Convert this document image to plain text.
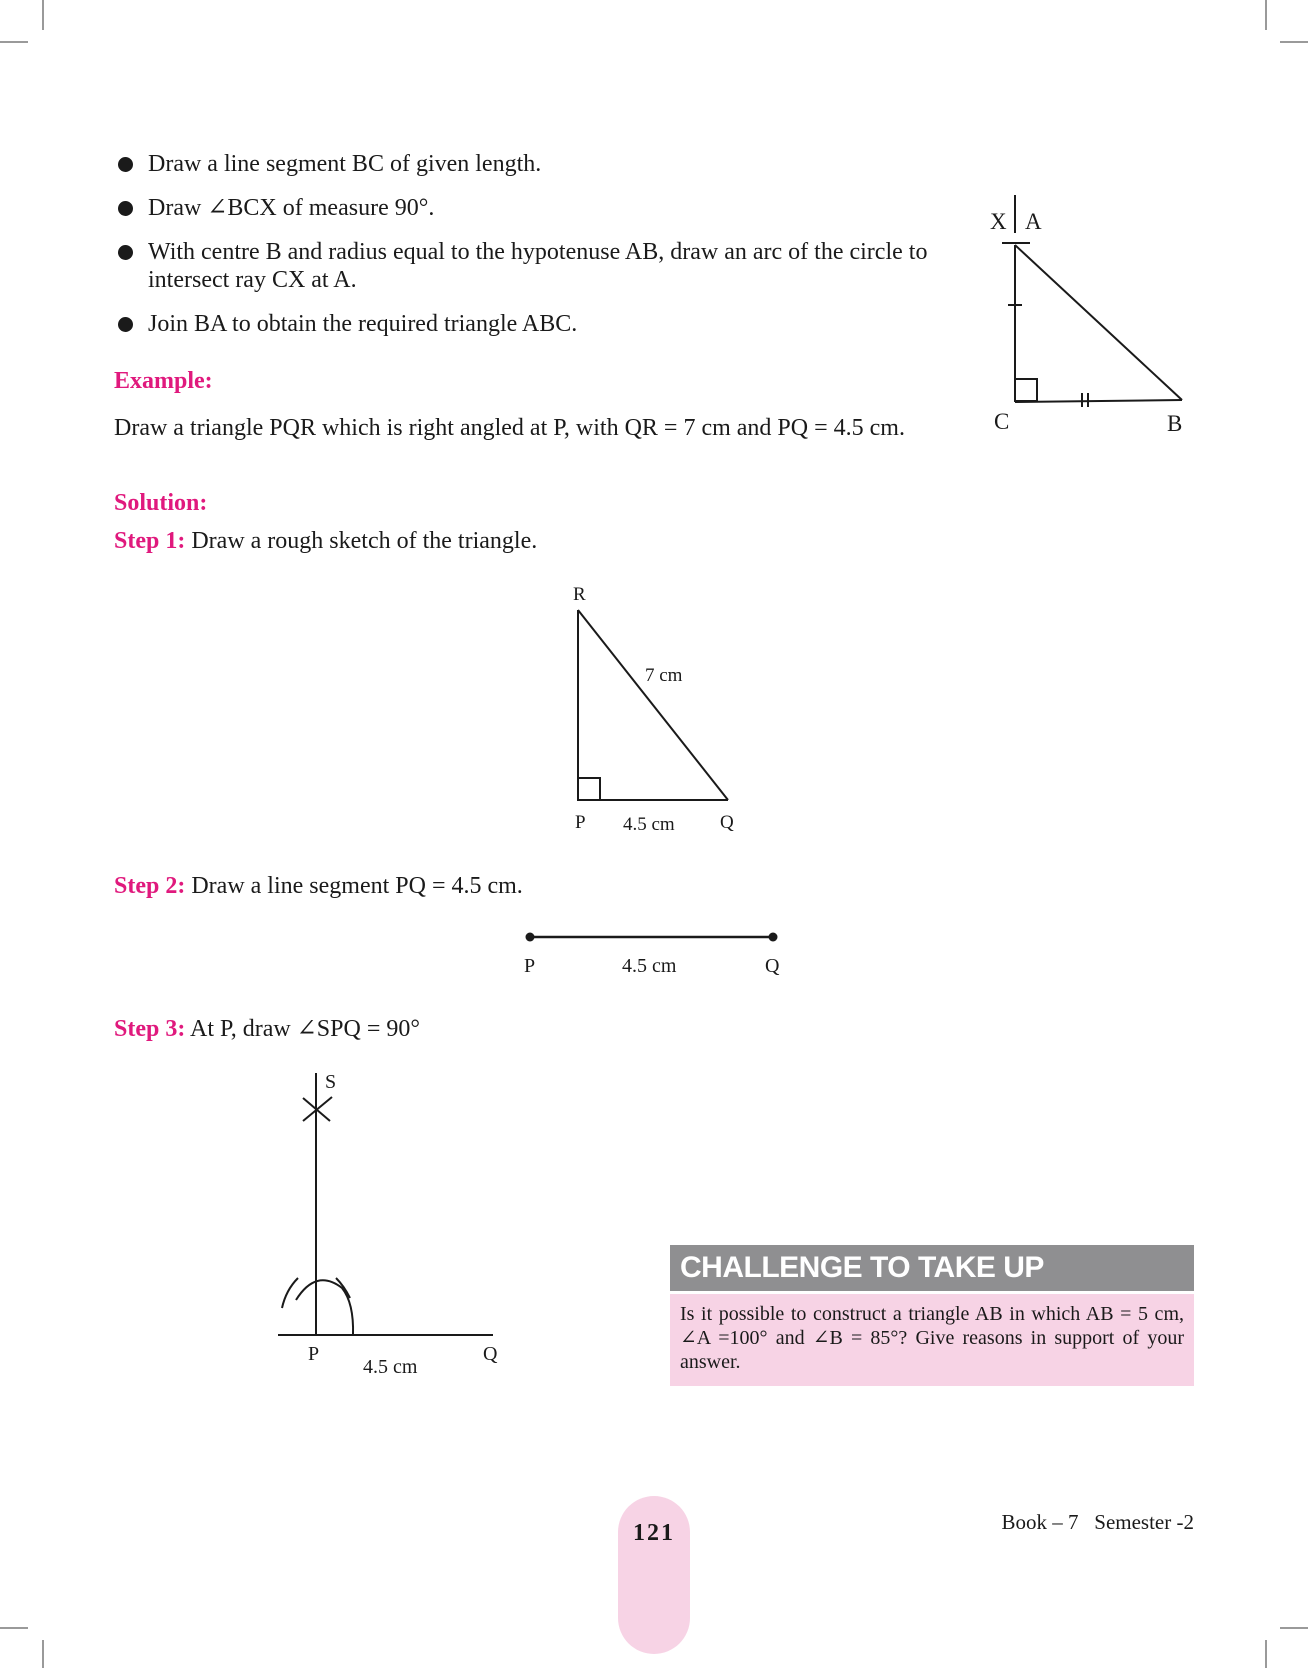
Draw a line segment BC of given length.
Draw ∠BCX of measure 90°.
With centre B and radius equal to the hypotenuse AB, draw an arc of the circle to intersect ray CX at A.
Join BA to obtain the required triangle ABC.
X A
C	B
Example:
Draw a triangle PQR which is right angled at P, with QR = 7 cm and PQ = 4.5 cm.
Solution:
Step 1: Draw a rough sketch of the triangle.
R
7 cm
P 4.5 cm Q
Step 2: Draw a line segment PQ = 4.5 cm.
P	4.5 cm	Q
Step 3: At P, draw ∠SPQ = 90°
S
P
4.5 cm
Q
CHALLENGE TO TAKE UP
Is it possible to construct a triangle AB in which AB = 5 cm, ∠A =100° and ∠B = 85°? Give reasons in support of your answer.
121	Book – 7 Semester -2
